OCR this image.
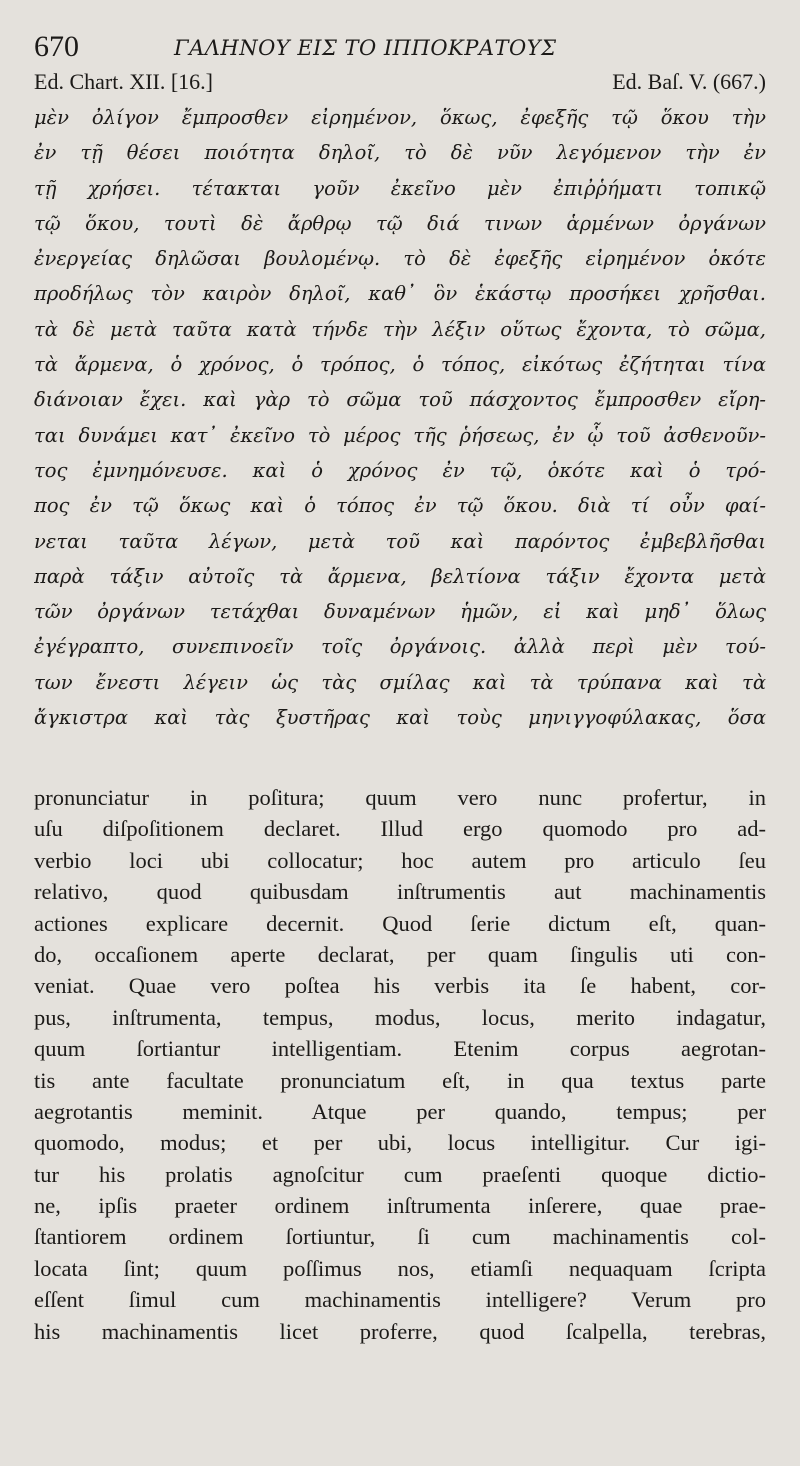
670	ΓΑΛΗΝΟΥ ΕΙΣ ΤΟ ΙΠΠΟΚΡΑΤΟΥΣ
Ed. Chart. XII. [16.]	Ed. Baſ. V. (667.)
μὲν ὀλίγον ἔμπροσθεν εἰρημένον, ὅκως, ἐφεξῆς τῷ ὅκου τὴν
ἐν τῇ θέσει ποιότητα δηλοῖ, τὸ δὲ νῦν λεγόμενον τὴν ἐν
τῇ χρήσει. τέτακται γοῦν ἐκεῖνο μὲν ἐπιῤῥήματι τοπικῷ
τῷ ὅκου, τουτὶ δὲ ἄρθρῳ τῷ διά τινων ἁρμένων ὀργάνων
ἐνεργείας δηλῶσαι βουλομένῳ. τὸ δὲ ἐφεξῆς εἰρημένον ὁκότε
προδήλως τὸν καιρὸν δηλοῖ, καθ᾽ ὃν ἑκάστῳ προσήκει χρῆσθαι.
τὰ δὲ μετὰ ταῦτα κατὰ τήνδε τὴν λέξιν οὕτως ἔχοντα, τὸ σῶμα,
τὰ ἄρμενα, ὁ χρόνος, ὁ τρόπος, ὁ τόπος, εἰκότως ἐζήτηται τίνα
διάνοιαν ἔχει. καὶ γὰρ τὸ σῶμα τοῦ πάσχοντος ἔμπροσθεν εἴρη-
ται δυνάμει κατ᾽ ἐκεῖνο τὸ μέρος τῆς ῥήσεως, ἐν ᾧ τοῦ ἀσθενοῦν-
τος ἐμνημόνευσε. καὶ ὁ χρόνος ἐν τῷ, ὁκότε καὶ ὁ τρό-
πος ἐν τῷ ὅκως καὶ ὁ τόπος ἐν τῷ ὅκου. διὰ τί οὖν φαί-
νεται ταῦτα λέγων, μετὰ τοῦ καὶ παρόντος ἐμβεβλῆσθαι
παρὰ τάξιν αὐτοῖς τὰ ἄρμενα, βελτίονα τάξιν ἔχοντα μετὰ
τῶν ὀργάνων τετάχθαι δυναμένων ἡμῶν, εἰ καὶ μηδ᾽ ὅλως
ἐγέγραπτο, συνεπινοεῖν τοῖς ὀργάνοις. ἀλλὰ περὶ μὲν τού-
των ἔνεστι λέγειν ὡς τὰς σμίλας καὶ τὰ τρύπανα καὶ τὰ
ἄγκιστρα καὶ τὰς ξυστῆρας καὶ τοὺς μηνιγγοφύλακας, ὅσα
pronunciatur in poſitura; quum vero nunc profertur, in
uſu diſpoſitionem declaret. Illud ergo quomodo pro ad-
verbio loci ubi collocatur; hoc autem pro articulo ſeu
relativo, quod quibusdam inſtrumentis aut machinamentis
actiones explicare decernit. Quod ſerie dictum eſt, quan-
do, occaſionem aperte declarat, per quam ſingulis uti con-
veniat. Quae vero poſtea his verbis ita ſe habent, cor-
pus, inſtrumenta, tempus, modus, locus, merito indagatur,
quum ſortiantur intelligentiam. Etenim corpus aegrotan-
tis ante facultate pronunciatum eſt, in qua textus parte
aegrotantis meminit. Atque per quando, tempus; per
quomodo, modus; et per ubi, locus intelligitur. Cur igi-
tur his prolatis agnoſcitur cum praeſenti quoque dictio-
ne, ipſis praeter ordinem inſtrumenta inſerere, quae prae-
ſtantiorem ordinem ſortiuntur, ſi cum machinamentis col-
locata ſint; quum poſſimus nos, etiamſi nequaquam ſcripta
eſſent ſimul cum machinamentis intelligere? Verum pro
his machinamentis licet proferre, quod ſcalpella, terebras,
